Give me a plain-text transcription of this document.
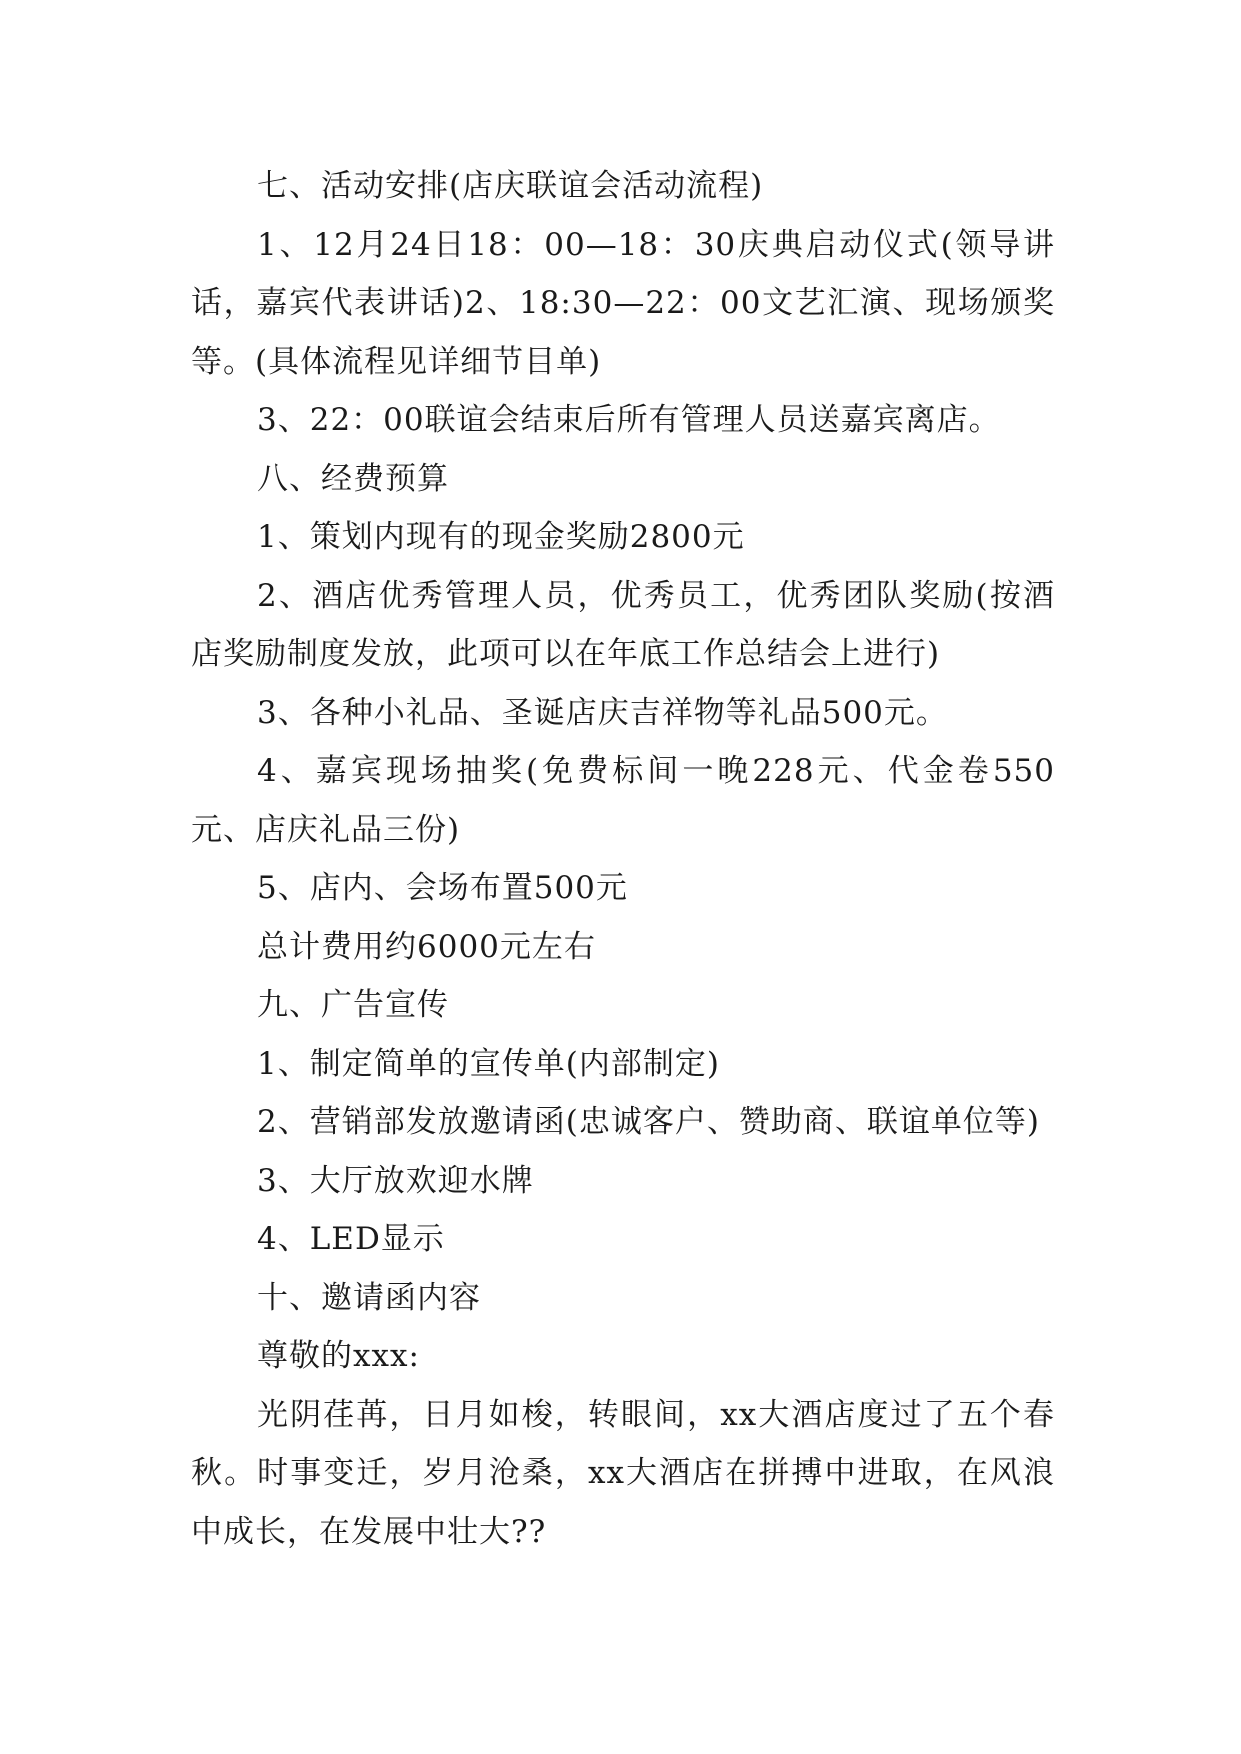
七、活动安排(店庆联谊会活动流程)

1、12月24日18：00—18：30庆典启动仪式(领导讲话，嘉宾代表讲话)2、18:30—22：00文艺汇演、现场颁奖等。(具体流程见详细节目单)

3、22：00联谊会结束后所有管理人员送嘉宾离店。

八、经费预算

1、策划内现有的现金奖励2800元

2、酒店优秀管理人员，优秀员工，优秀团队奖励(按酒店奖励制度发放，此项可以在年底工作总结会上进行)

3、各种小礼品、圣诞店庆吉祥物等礼品500元。

4、嘉宾现场抽奖(免费标间一晚228元、代金卷550元、店庆礼品三份)

5、店内、会场布置500元

总计费用约6000元左右

九、广告宣传

1、制定简单的宣传单(内部制定)

2、营销部发放邀请函(忠诚客户、赞助商、联谊单位等)

3、大厅放欢迎水牌

4、LED显示

十、邀请函内容

尊敬的xxx:

光阴荏苒，日月如梭，转眼间，xx大酒店度过了五个春秋。时事变迁，岁月沧桑，xx大酒店在拼搏中进取，在风浪中成长，在发展中壮大??
